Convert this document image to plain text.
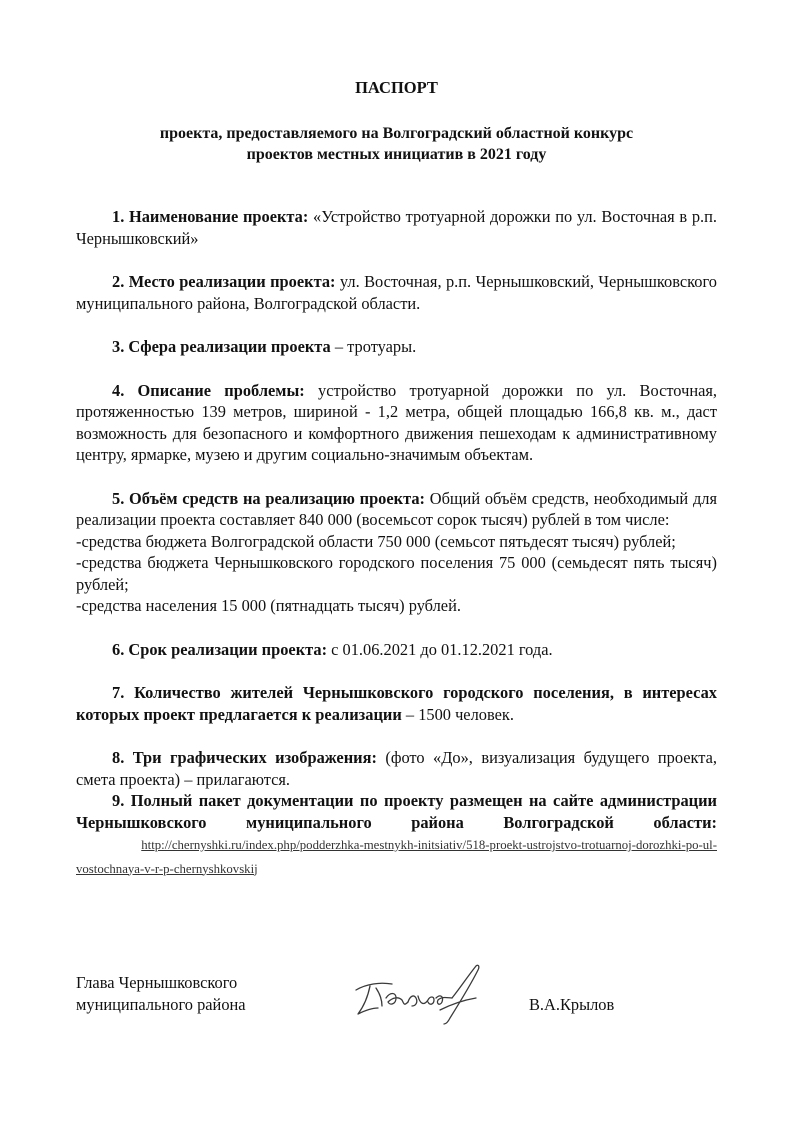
ПАСПОРТ
проекта, предоставляемого на Волгоградский областной конкурс
проектов местных инициатив в 2021 году

1. Наименование проекта: «Устройство тротуарной дорожки по ул. Восточная в р.п. Чернышковский»

2. Место реализации проекта: ул. Восточная, р.п. Чернышковский, Чернышковского муниципального района, Волгоградской области.

3. Сфера реализации проекта – тротуары.

4. Описание проблемы: устройство тротуарной дорожки по ул. Восточная, протяженностью 139 метров, шириной - 1,2 метра, общей площадью 166,8 кв. м., даст возможность для безопасного и комфортного движения пешеходам к административному центру, ярмарке, музею и другим социально-значимым объектам.

5. Объём средств на реализацию проекта: Общий объём средств, необходимый для реализации проекта составляет 840 000 (восемьсот сорок тысяч) рублей в том числе:

-средства бюджета Волгоградской области 750 000 (семьсот пятьдесят тысяч) рублей;

-средства бюджета Чернышковского городского поселения 75 000 (семьдесят пять тысяч) рублей;

-средства населения 15 000 (пятнадцать тысяч) рублей.

6. Срок реализации проекта: с 01.06.2021 до 01.12.2021 года.

7. Количество жителей Чернышковского городского поселения, в интересах которых проект предлагается к реализации – 1500 человек.

8. Три графических изображения: (фото «До», визуализация будущего проекта, смета проекта) – прилагаются.

9. Полный пакет документации по проекту размещен на сайте администрации Чернышковского муниципального района Волгоградской области:  http://chernyshki.ru/index.php/podderzhka-mestnykh-initsiativ/518-proekt-ustrojstvo-trotuarnoj-dorozhki-po-ul-vostochnaya-v-r-p-chernyshkovskij

Глава Чернышковского
муниципального района	В.А.Крылов
